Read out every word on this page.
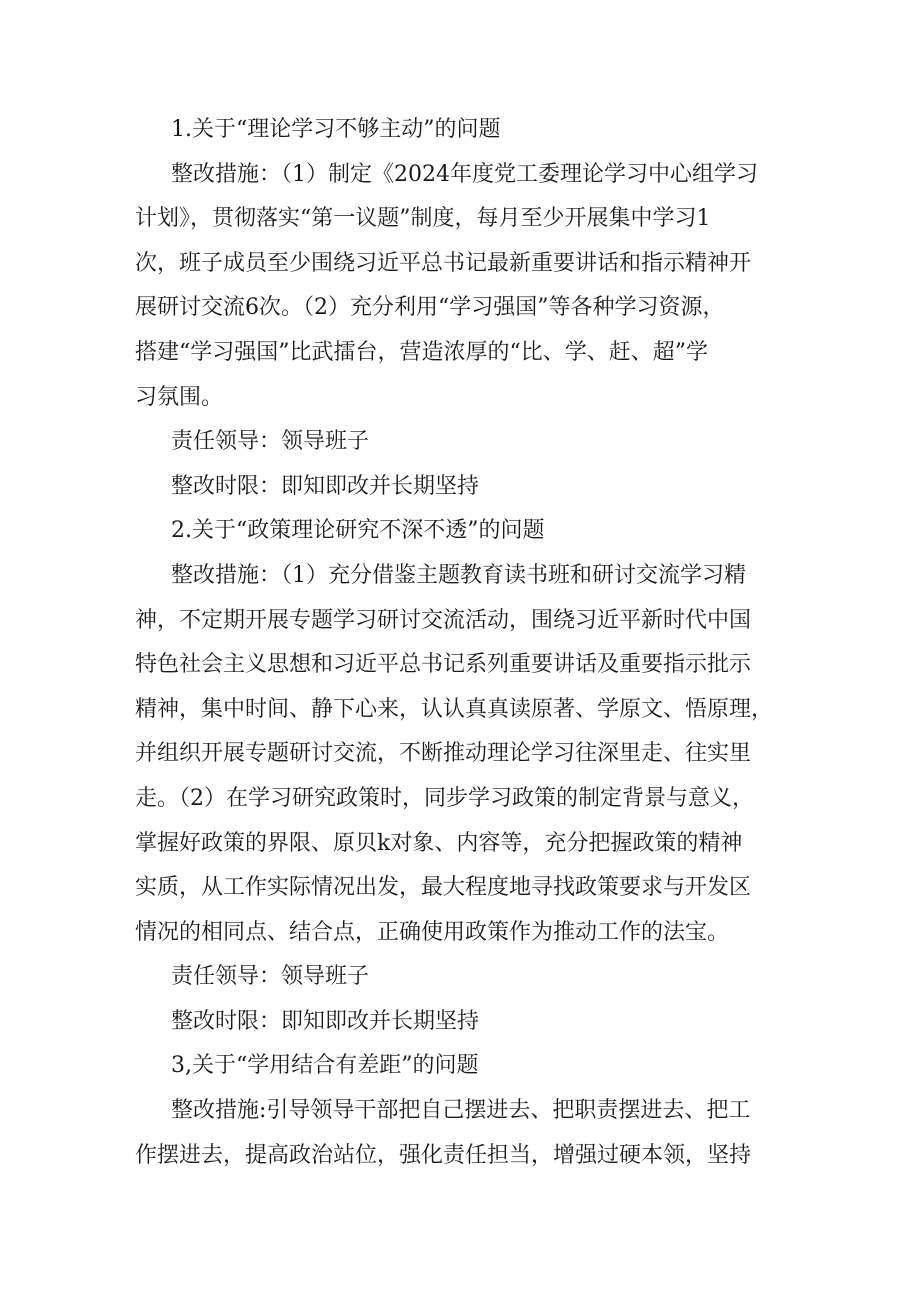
1.关于“理论学习不够主动”的问题
整改措施：（1）制定《2024年度党工委理论学习中心组学习
计划》，贯彻落实“第一议题”制度，每月至少开展集中学习1
次，班子成员至少围绕习近平总书记最新重要讲话和指示精神开
展研讨交流6次。（2）充分利用“学习强国”等各种学习资源，
搭建“学习强国”比武擂台，营造浓厚的“比、学、赶、超”学
习氛围。
责任领导：领导班子
整改时限：即知即改并长期坚持
2.关于“政策理论研究不深不透”的问题
整改措施：（1）充分借鉴主题教育读书班和研讨交流学习精
神，不定期开展专题学习研讨交流活动，围绕习近平新时代中国
特色社会主义思想和习近平总书记系列重要讲话及重要指示批示
精神，集中时间、静下心来，认认真真读原著、学原文、悟原理，
并组织开展专题研讨交流，不断推动理论学习往深里走、往实里
走。（2）在学习研究政策时，同步学习政策的制定背景与意义，
掌握好政策的界限、原贝k对象、内容等，充分把握政策的精神
实质，从工作实际情况出发，最大程度地寻找政策要求与开发区
情况的相同点、结合点，正确使用政策作为推动工作的法宝。
责任领导：领导班子
整改时限：即知即改并长期坚持
3,关于“学用结合有差距”的问题
整改措施:引导领导干部把自己摆进去、把职责摆进去、把工
作摆进去，提高政治站位，强化责任担当，增强过硬本领，坚持
